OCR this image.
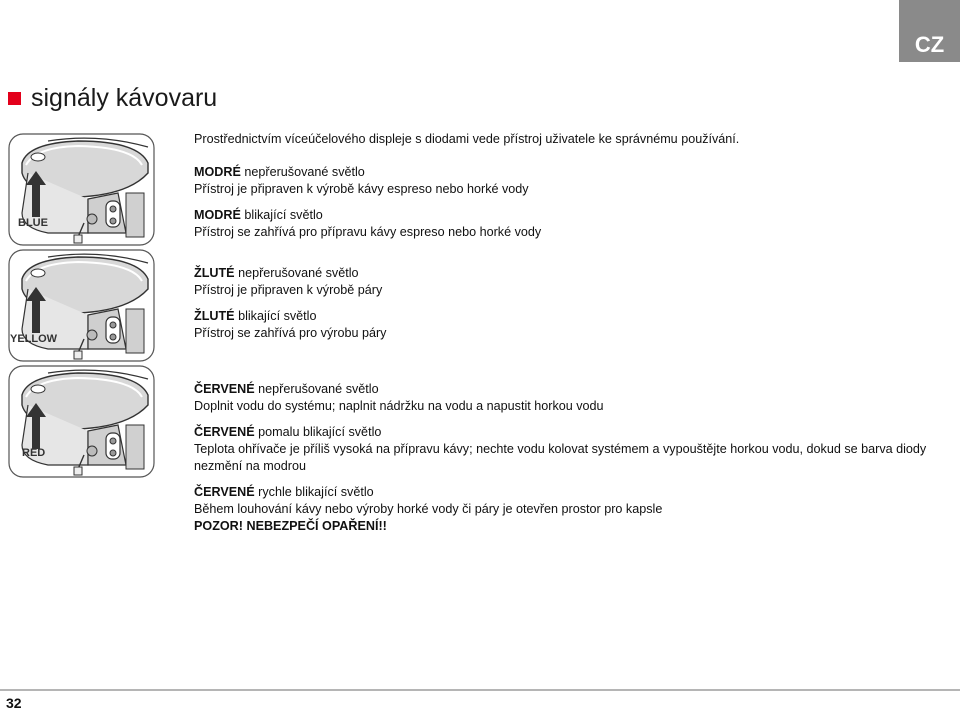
CZ
signály kávovaru
BLUE
YELLOW
RED

Prostřednictvím víceúčelového displeje s diodami vede přístroj uživatele ke správnému používání.

MODRÉ nepřerušované světlo

Přístroj je připraven k výrobě kávy espreso nebo horké vody

MODRÉ blikající světlo

Přístroj se zahřívá pro přípravu kávy espreso nebo horké vody

ŽLUTÉ nepřerušované světlo

Přístroj je připraven k výrobě páry

ŽLUTÉ blikající světlo

Přístroj se zahřívá pro výrobu páry

ČERVENÉ nepřerušované světlo

Doplnit vodu do systému; naplnit nádržku na vodu a napustit horkou vodu

ČERVENÉ pomalu blikající světlo

Teplota ohřívače je příliš vysoká na přípravu kávy; nechte vodu kolovat systémem a vypouštějte horkou vodu, dokud se barva diody nezmění na modrou

ČERVENÉ rychle blikající světlo

Během louhování kávy nebo výroby horké vody či páry je otevřen prostor pro kapsle

POZOR! NEBEZPEČÍ OPAŘENÍ!!

32
